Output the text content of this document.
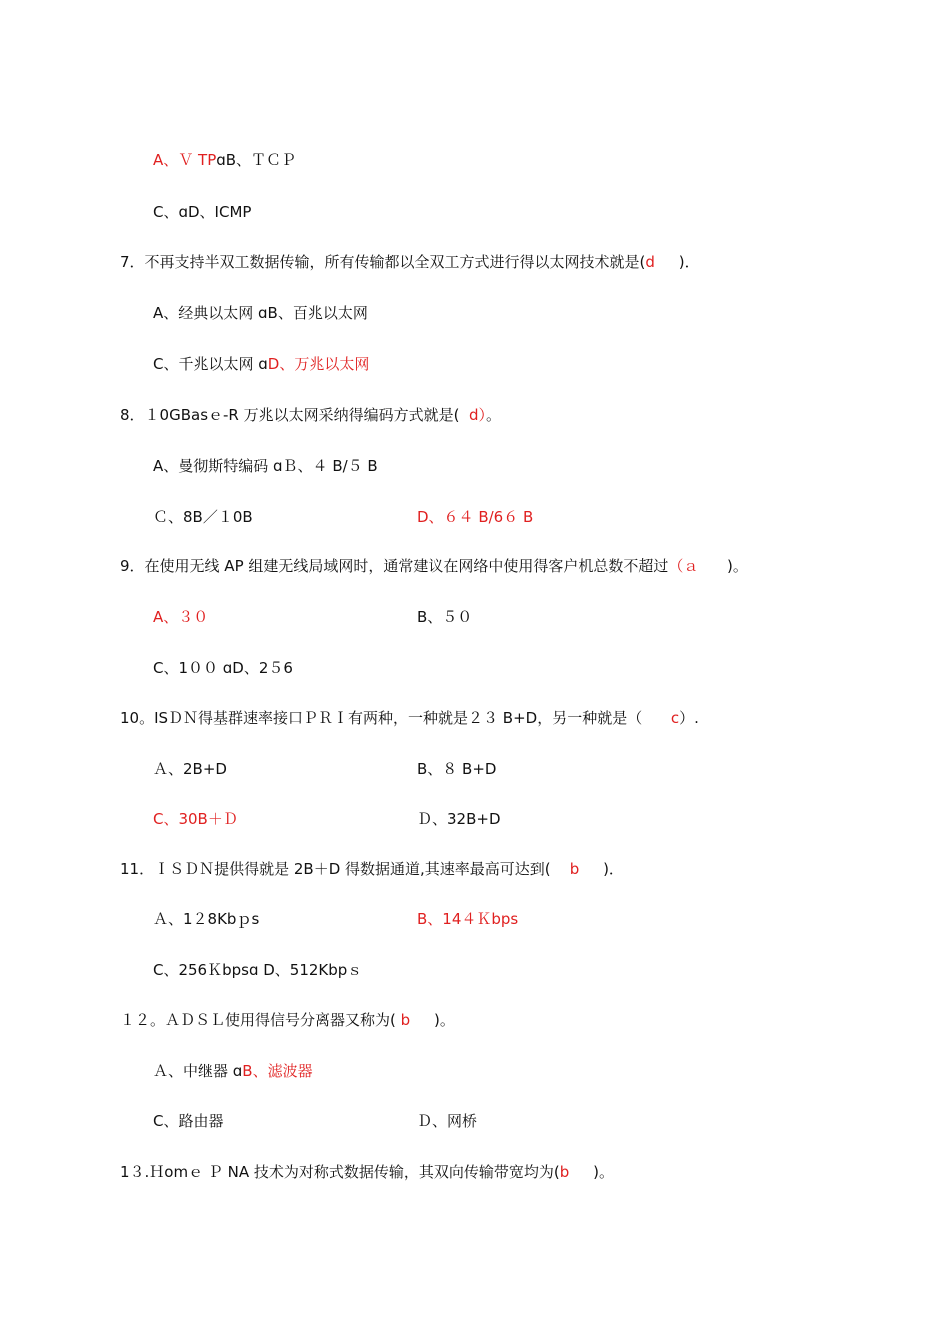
A、Ｖ TPɑB、ＴＣＰ
C、ɑD、ICMP
7．不再支持半双工数据传输，所有传输都以全双工方式进行得以太网技术就是(d     )．
A、经典以太网 ɑB、百兆以太网
C、千兆以太网 ɑD、万兆以太网
8．１0GBasｅ-R 万兆以太网采纳得编码方式就是(  d）。
A、曼彻斯特编码 ɑＢ、４ B/５ B
Ｃ、8B／１0B	D、６４ B/6６ B
9．在使用无线 AP 组建无线局域网时，通常建议在网络中使用得客户机总数不超过（ａ      )。
A、３０	B、５０
C、1００ ɑD、2５6
10。ISＤＮ得基群速率接口ＰＲＩ有两种，一种就是２３ B+D，另一种就是（      c）.
Ａ、2B+D	B、８ B+D
C、30B＋Ｄ	Ｄ、32B+D
11．ＩＳＤＮ提供得就是 2B＋D 得数据通道,其速率最高可达到(    b     )．
Ａ、1２8Kbｐs	B、14４Ｋbps
C、256Ｋbpsɑ D、512Kbpｓ
１２。ＡＤＳＬ使用得信号分离器又称为( b     )。
Ａ、中继器 ɑB、滤波器
C、路由器	Ｄ、网桥
1３.Ｈomｅ Ｐ NA 技术为对称式数据传输，其双向传输带宽均为(b     )。
